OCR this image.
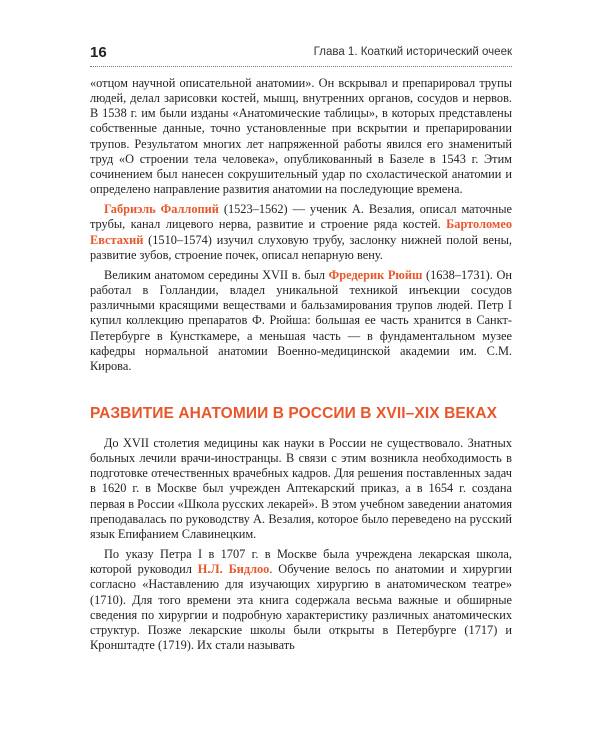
16	Глава 1. Коаткий исторический очеек

«отцом научной описательной анатомии». Он вскрывал и препарировал трупы людей, делал зарисовки костей, мышц, внутренних органов, сосудов и нервов. В 1538 г. им были изданы «Анатомические таблицы», в которых представлены собственные данные, точно установленные при вскрытии и препарировании трупов. Результатом многих лет напряженной работы явился его знаменитый труд «О строении тела человека», опубликованный в Базеле в 1543 г. Этим сочинением был нанесен сокрушительный удар по схоластической анатомии и определено направление развития анатомии на последующие времена.

Габриэль Фаллопий (1523–1562) — ученик А. Везалия, описал маточные трубы, канал лицевого нерва, развитие и строение ряда костей. Бартоломео Евстахий (1510–1574) изучил слуховую трубу, заслонку нижней полой вены, развитие зубов, строение почек, описал непарную вену.

Великим анатомом середины XVII в. был Фредерик Рюйш (1638–1731). Он работал в Голландии, владел уникальной техникой инъекции сосудов различными красящими веществами и бальзамирования трупов людей. Петр I купил коллекцию препаратов Ф. Рюйша: большая ее часть хранится в Санкт-Петербурге в Кунсткамере, а меньшая часть — в фундаментальном музее кафедры нормальной анатомии Военно-медицинской академии им. С.М. Кирова.

РАЗВИТИЕ АНАТОМИИ В РОССИИ В XVII–XIX ВЕКАХ

До XVII столетия медицины как науки в России не существовало. Знатных больных лечили врачи-иностранцы. В связи с этим возникла необходимость в подготовке отечественных врачебных кадров. Для решения поставленных задач в 1620 г. в Москве был учрежден Аптекарский приказ, а в 1654 г. создана первая в России «Школа русских лекарей». В этом учебном заведении анатомия преподавалась по руководству А. Везалия, которое было переведено на русский язык Епифанием Славинецким.

По указу Петра I в 1707 г. в Москве была учреждена лекарская школа, которой руководил Н.Л. Бидлоо. Обучение велось по анатомии и хирургии согласно «Наставлению для изучающих хирургию в анатомическом театре» (1710). Для того времени эта книга содержала весьма важные и обширные сведения по хирургии и подробную характеристику различных анатомических структур. Позже лекарские школы были открыты в Петербурге (1717) и Кронштадте (1719). Их стали называть
